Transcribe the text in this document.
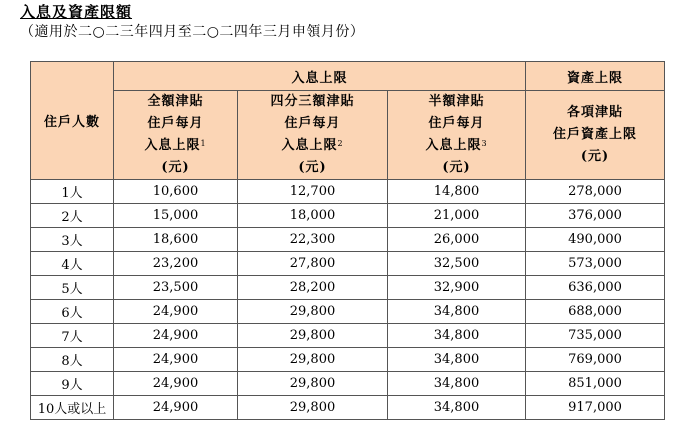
入息及資產限額
（適用於二○二三年四月至二○二四年三月申領月份）
住戶人數	入息上限			資產上限

	全額津貼
住戶每月
入息上限$^1$
(元)	四分三額津貼
住戶每月
入息上限$^2$
(元)	半額津貼
住戶每月
入息上限$^3$
(元)	各項津貼
住戶資產上限
(元)

1人	10,600	12,700	14,800	278,000
2人	15,000	18,000	21,000	376,000
3人	18,600	22,300	26,000	490,000
4人	23,200	27,800	32,500	573,000
5人	23,500	28,200	32,900	636,000
6人	24,900	29,800	34,800	688,000
7人	24,900	29,800	34,800	735,000
8人	24,900	29,800	34,800	769,000
9人	24,900	29,800	34,800	851,000
10人或以上	24,900	29,800	34,800	917,000
